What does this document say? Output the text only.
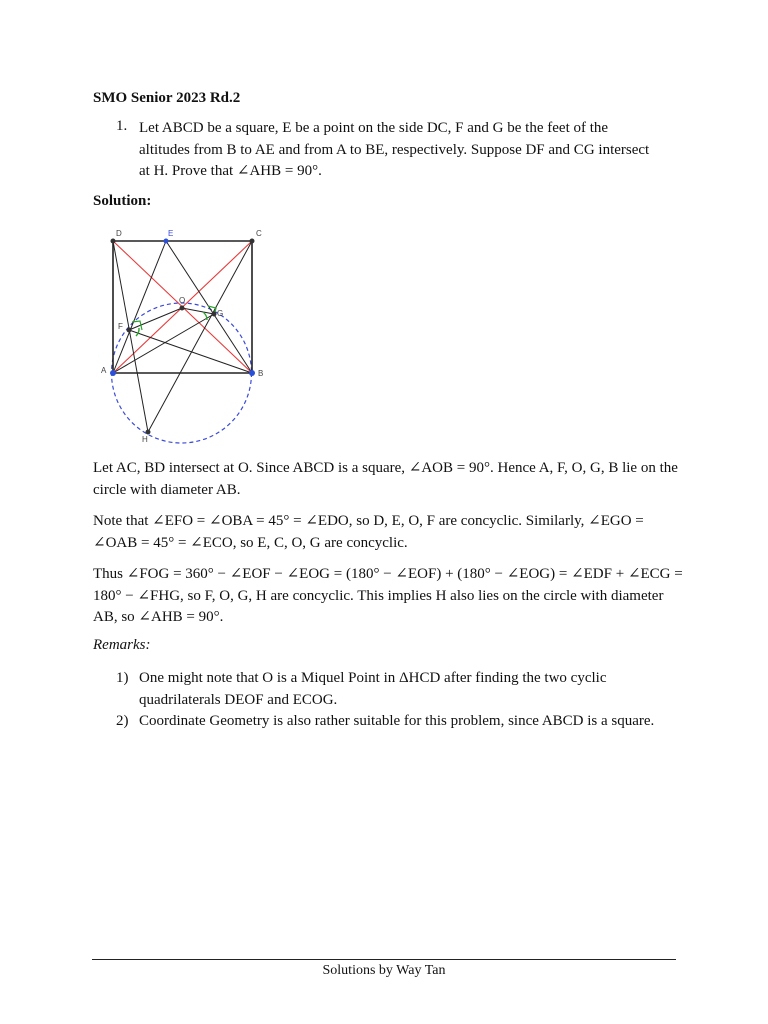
SMO Senior 2023 Rd.2
1. Let ABCD be a square, E be a point on the side DC, F and G be the feet of the altitudes from B to AE and from A to BE, respectively. Suppose DF and CG intersect at H. Prove that ∠AHB = 90°.
Solution:
D	E	C
O
G
F
A	B
H
Let AC, BD intersect at O. Since ABCD is a square, ∠AOB = 90°. Hence A, F, O, G, B lie on the circle with diameter AB.
Note that ∠EFO = ∠OBA = 45° = ∠EDO, so D, E, O, F are concyclic. Similarly, ∠EGO = ∠OAB = 45° = ∠ECO, so E, C, O, G are concyclic.
Thus ∠FOG = 360° − ∠EOF − ∠EOG = (180° − ∠EOF) + (180° − ∠EOG) = ∠EDF + ∠ECG = 180° − ∠FHG, so F, O, G, H are concyclic. This implies H also lies on the circle with diameter AB, so ∠AHB = 90°.
Remarks:
1) One might note that O is a Miquel Point in ΔHCD after finding the two cyclic quadrilaterals DEOF and ECOG.
2) Coordinate Geometry is also rather suitable for this problem, since ABCD is a square.
Solutions by Way Tan
